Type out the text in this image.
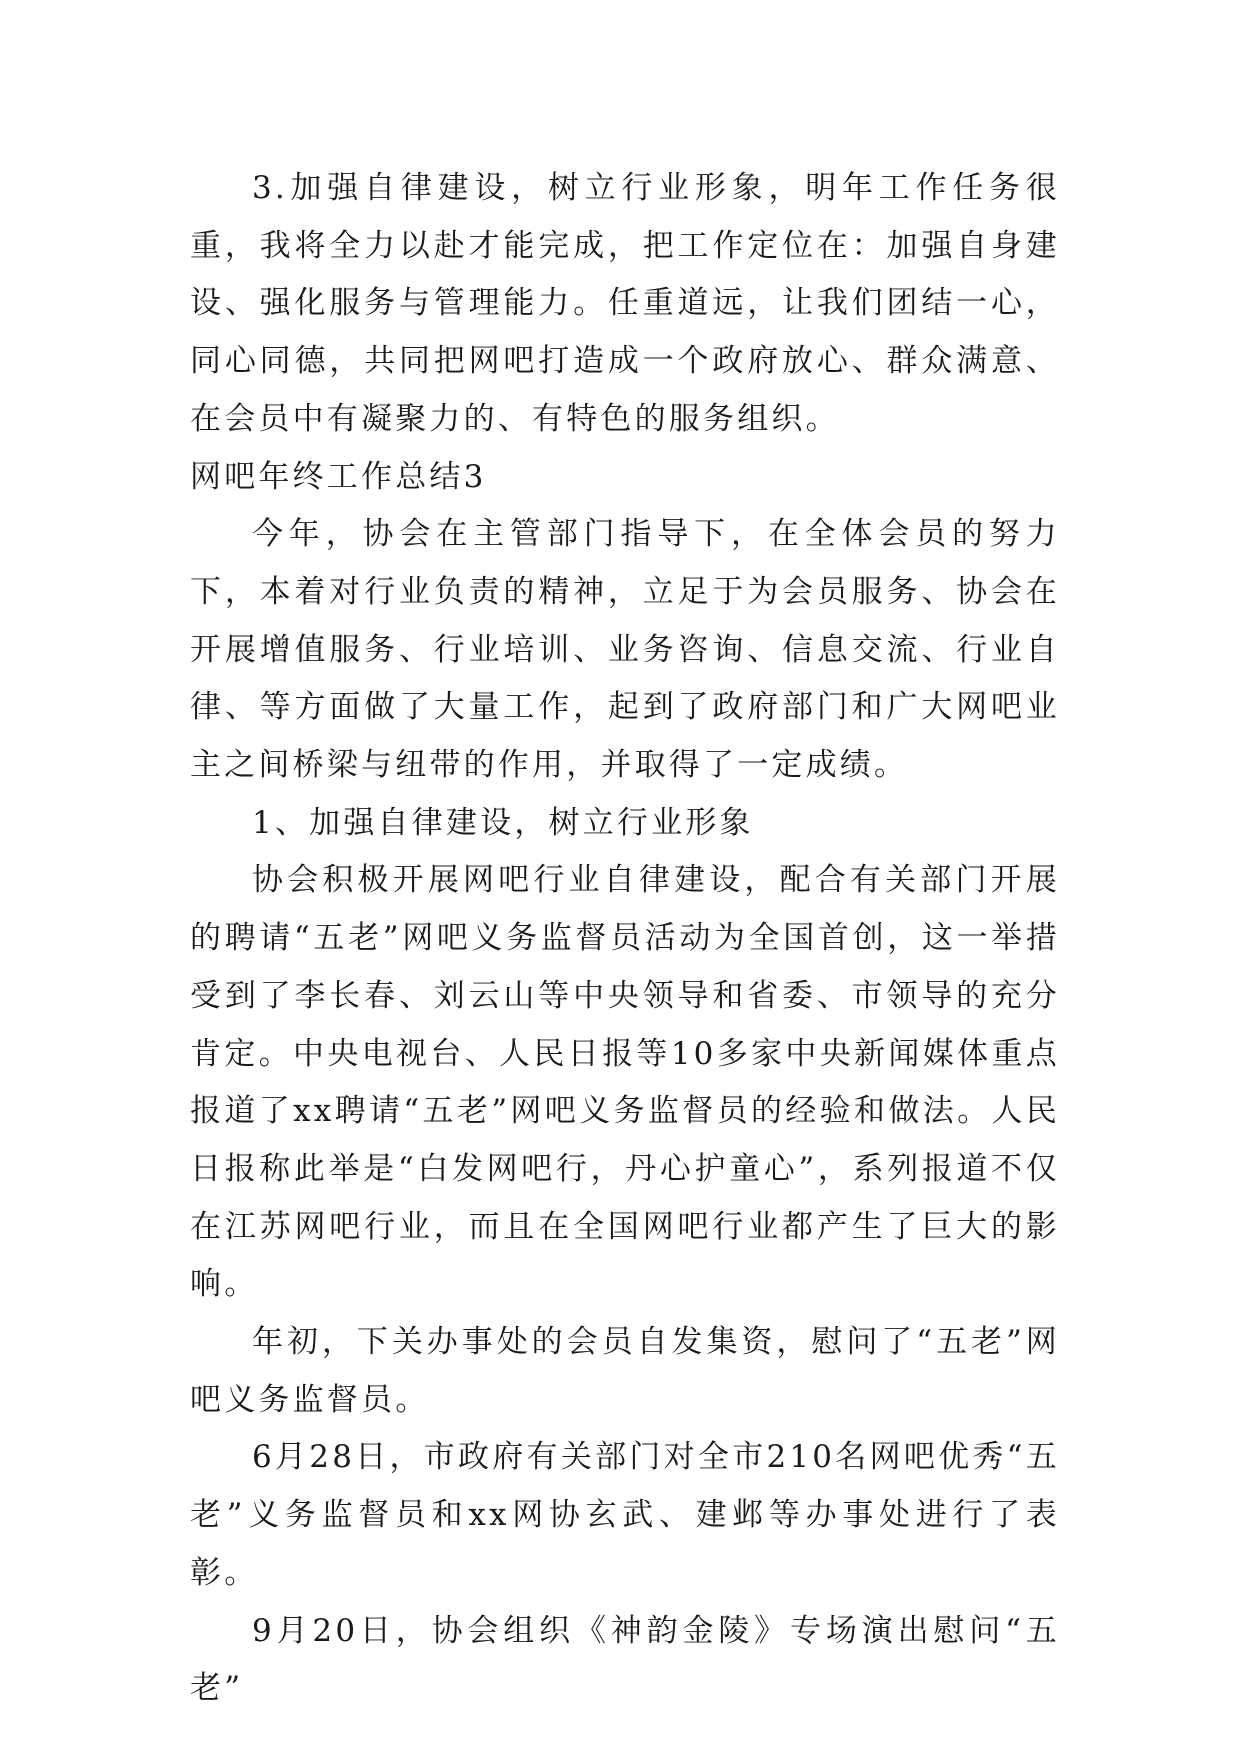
3.加强自律建设，树立行业形象，明年工作任务很重，我将全力以赴才能完成，把工作定位在：加强自身建设、强化服务与管理能力。任重道远，让我们团结一心，同心同德，共同把网吧打造成一个政府放心、群众满意、在会员中有凝聚力的、有特色的服务组织。

网吧年终工作总结3

今年，协会在主管部门指导下，在全体会员的努力下，本着对行业负责的精神，立足于为会员服务、协会在开展增值服务、行业培训、业务咨询、信息交流、行业自律、等方面做了大量工作，起到了政府部门和广大网吧业主之间桥梁与纽带的作用，并取得了一定成绩。

1、加强自律建设，树立行业形象

协会积极开展网吧行业自律建设，配合有关部门开展的聘请“五老”网吧义务监督员活动为全国首创，这一举措受到了李长春、刘云山等中央领导和省委、市领导的充分肯定。中央电视台、人民日报等10多家中央新闻媒体重点报道了xx聘请“五老”网吧义务监督员的经验和做法。人民日报称此举是“白发网吧行，丹心护童心”，系列报道不仅在江苏网吧行业，而且在全国网吧行业都产生了巨大的影响。

年初，下关办事处的会员自发集资，慰问了“五老”网吧义务监督员。

6月28日，市政府有关部门对全市210名网吧优秀“五老”义务监督员和xx网协玄武、建邺等办事处进行了表彰。

9月20日，协会组织《神韵金陵》专场演出慰问“五老”
